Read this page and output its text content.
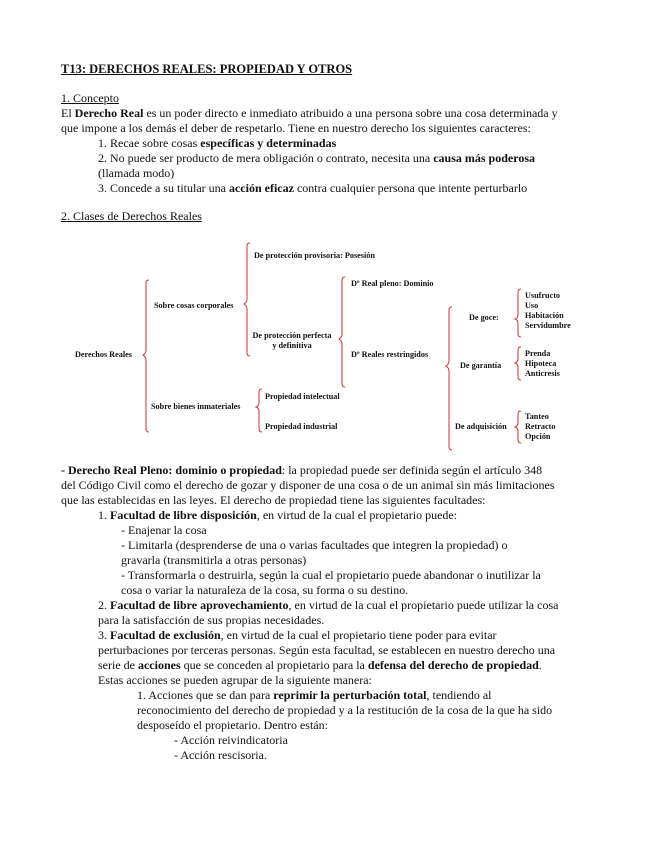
T13: DERECHOS REALES: PROPIEDAD Y OTROS
1. Concepto
El Derecho Real es un poder directo e inmediato atribuido a una persona sobre una cosa determinada y
que impone a los demás el deber de respetarlo. Tiene en nuestro derecho los siguientes caracteres:
1. Recae sobre cosas específicas y determinadas
2. No puede ser producto de mera obligación o contrato, necesita una causa más poderosa
(llamada modo)
3. Concede a su titular una acción eficaz contra cualquier persona que intente perturbarlo
2. Clases de Derechos Reales
Derechos Reales
Sobre cosas corporales
Sobre bienes inmateriales
De protección provisoria: Posesión
De protección perfecta
y definitiva
Dº Real pleno: Dominio
Dº Reales restringidos
De goce:
De garantía
De adquisición
Usufructo
Uso
Habitación
Servidumbre
Prenda
Hipoteca
Anticresis
Tanteo
Retracto
Opción
Propiedad intelectual
Propiedad industrial
- Derecho Real Pleno: dominio o propiedad: la propiedad puede ser definida según el artículo 348
del Código Civil como el derecho de gozar y disponer de una cosa o de un animal sin más limitaciones
que las establecidas en las leyes. El derecho de propiedad tiene las siguientes facultades:
1. Facultad de libre disposición, en virtud de la cual el propietario puede:
- Enajenar la cosa
- Limitarla (desprenderse de una o varias facultades que integren la propiedad) o
gravarla (transmitirla a otras personas)
- Transformarla o destruirla, según la cual el propietario puede abandonar o inutilizar la
cosa o variar la naturaleza de la cosa, su forma o su destino.
2. Facultad de libre aprovechamiento, en virtud de la cual el propietario puede utilizar la cosa
para la satisfacción de sus propias necesidades.
3. Facultad de exclusión, en virtud de la cual el propietario tiene poder para evitar
perturbaciones por terceras personas. Según esta facultad, se establecen en nuestro derecho una
serie de acciones que se conceden al propietario para la defensa del derecho de propiedad.
Estas acciones se pueden agrupar de la siguiente manera:
1. Acciones que se dan para reprimir la perturbación total, tendiendo al
reconocimiento del derecho de propiedad y a la restitución de la cosa de la que ha sido
desposeído el propietario. Dentro están:
- Acción reivindicatoria
- Acción rescisoria.
